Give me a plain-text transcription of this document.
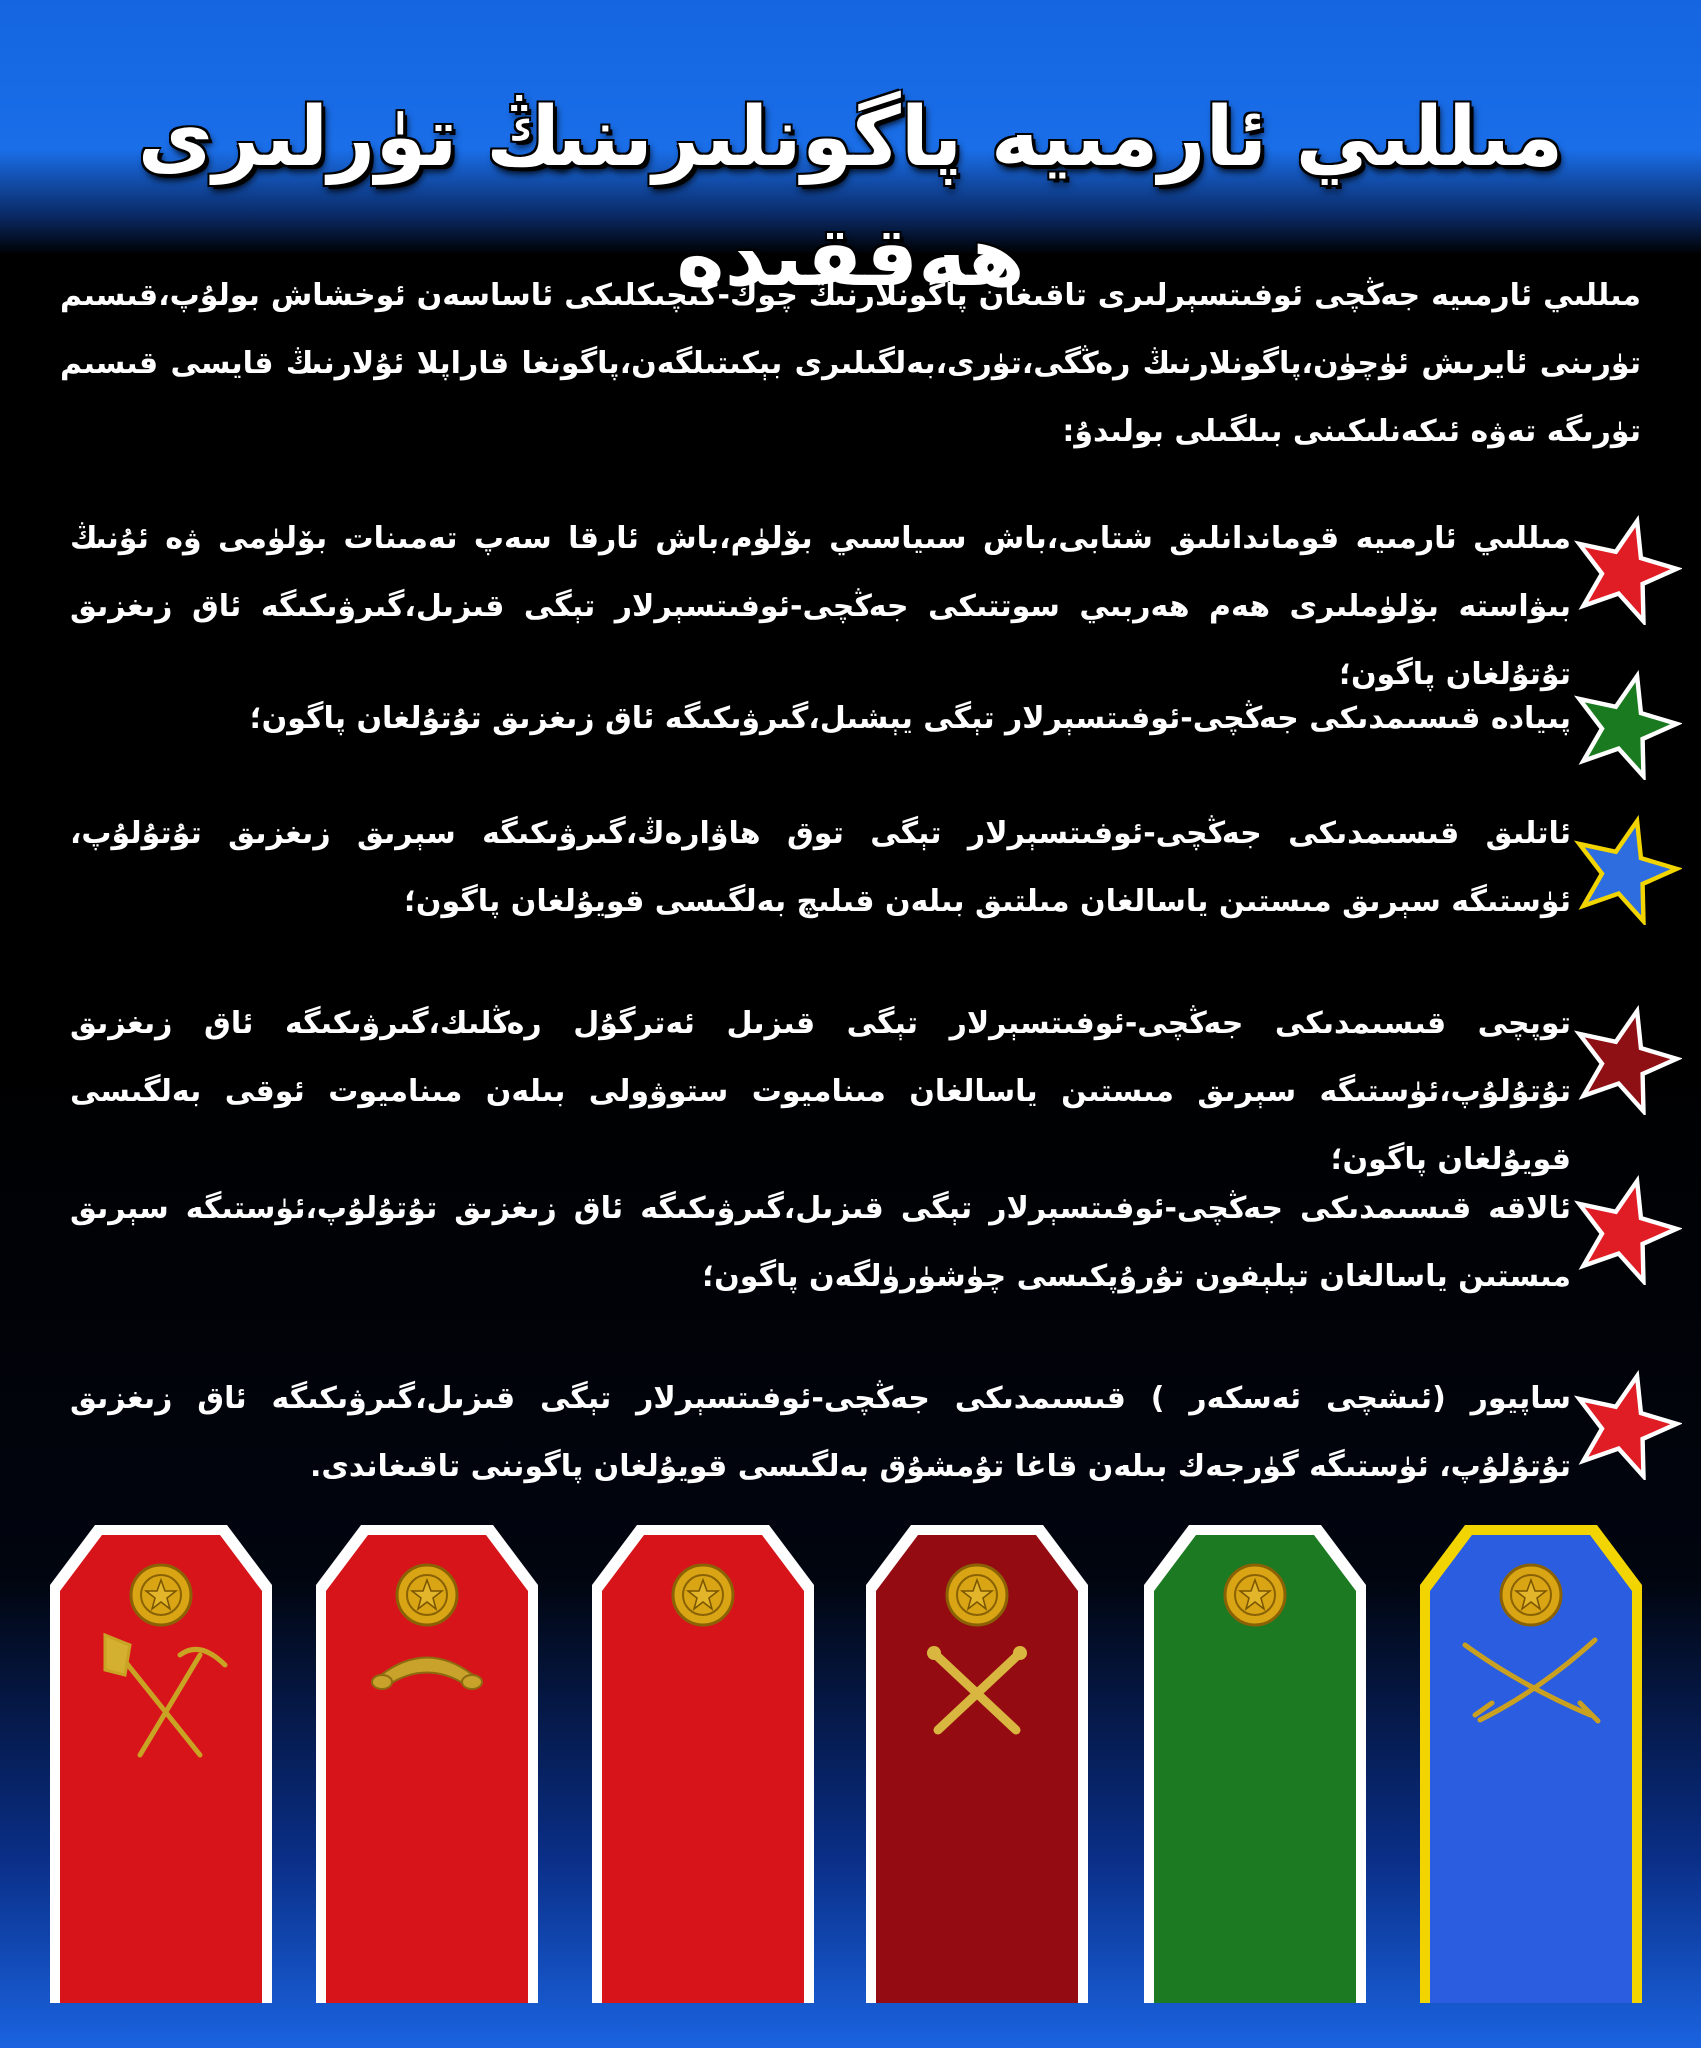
مىللىي ئارمىيە پاگونلىرىنىڭ تۈرلىرى ھەققىدە
مىللىي ئارمىيە جەڭچى ئوفىتسېرلىرى تاقىغان پاگونلارنىڭ چوڭ-كىچىكلىكى ئاساسەن ئوخشاش بولۇپ،قىسىم تۈرىنى ئايرىش ئۈچۈن،پاگونلارنىڭ رەڭگى،تۈرى،بەلگىلىرى بېكىتىلگەن،پاگونغا قاراپلا ئۇلارنىڭ قايسى قىسىم تۈرىگە تەۋە ئىكەنلىكىنى بىلگىلى بولىدۇ:
مىللىي ئارمىيە قوماندانلىق شتابى،باش سىياسىي بۆلۈم،باش ئارقا سەپ تەمىنات بۆلۈمى ۋە ئۇنىڭ بىۋاستە بۆلۈملىرى ھەم ھەربىي سوتتىكى جەڭچى-ئوفىتسېرلار تېگى قىزىل،گىرۋىكىگە ئاق زىغزىق تۇتۇلغان پاگون؛
پىيادە قىسىمدىكى جەڭچى-ئوفىتسېرلار تېگى يېشىل،گىرۋىكىگە ئاق زىغزىق تۇتۇلغان پاگون؛
ئاتلىق قىسىمدىكى جەڭچى-ئوفىتسېرلار تېگى توق ھاۋارەڭ،گىرۋىكىگە سېرىق زىغزىق تۇتۇلۇپ، ئۈستىگە سېرىق مىستىن ياسالغان مىلتىق بىلەن قىلىچ بەلگىسى قويۇلغان پاگون؛
توپچى قىسىمدىكى جەڭچى-ئوفىتسېرلار تېگى قىزىل ئەترگۇل رەڭلىك،گىرۋىكىگە ئاق زىغزىق تۇتۇلۇپ،ئۈستىگە سېرىق مىستىن ياسالغان مىناميوت ستوۋولى بىلەن مىناميوت ئوقى بەلگىسى قويۇلغان پاگون؛
ئالاقە قىسىمدىكى جەڭچى-ئوفىتسېرلار تېگى قىزىل،گىرۋىكىگە ئاق زىغزىق تۇتۇلۇپ،ئۈستىگە سېرىق مىستىن ياسالغان تېلېفون تۇرۇپكىسى چۈشۈرۈلگەن پاگون؛
ساپيور (ئىشچى ئەسكەر ) قىسىمدىكى جەڭچى-ئوفىتسېرلار تېگى قىزىل،گىرۋىكىگە ئاق زىغزىق تۇتۇلۇپ، ئۈستىگە گۈرجەك بىلەن قاغا تۇمشۇق بەلگىسى قويۇلغان پاگوننى تاقىغاندى.
